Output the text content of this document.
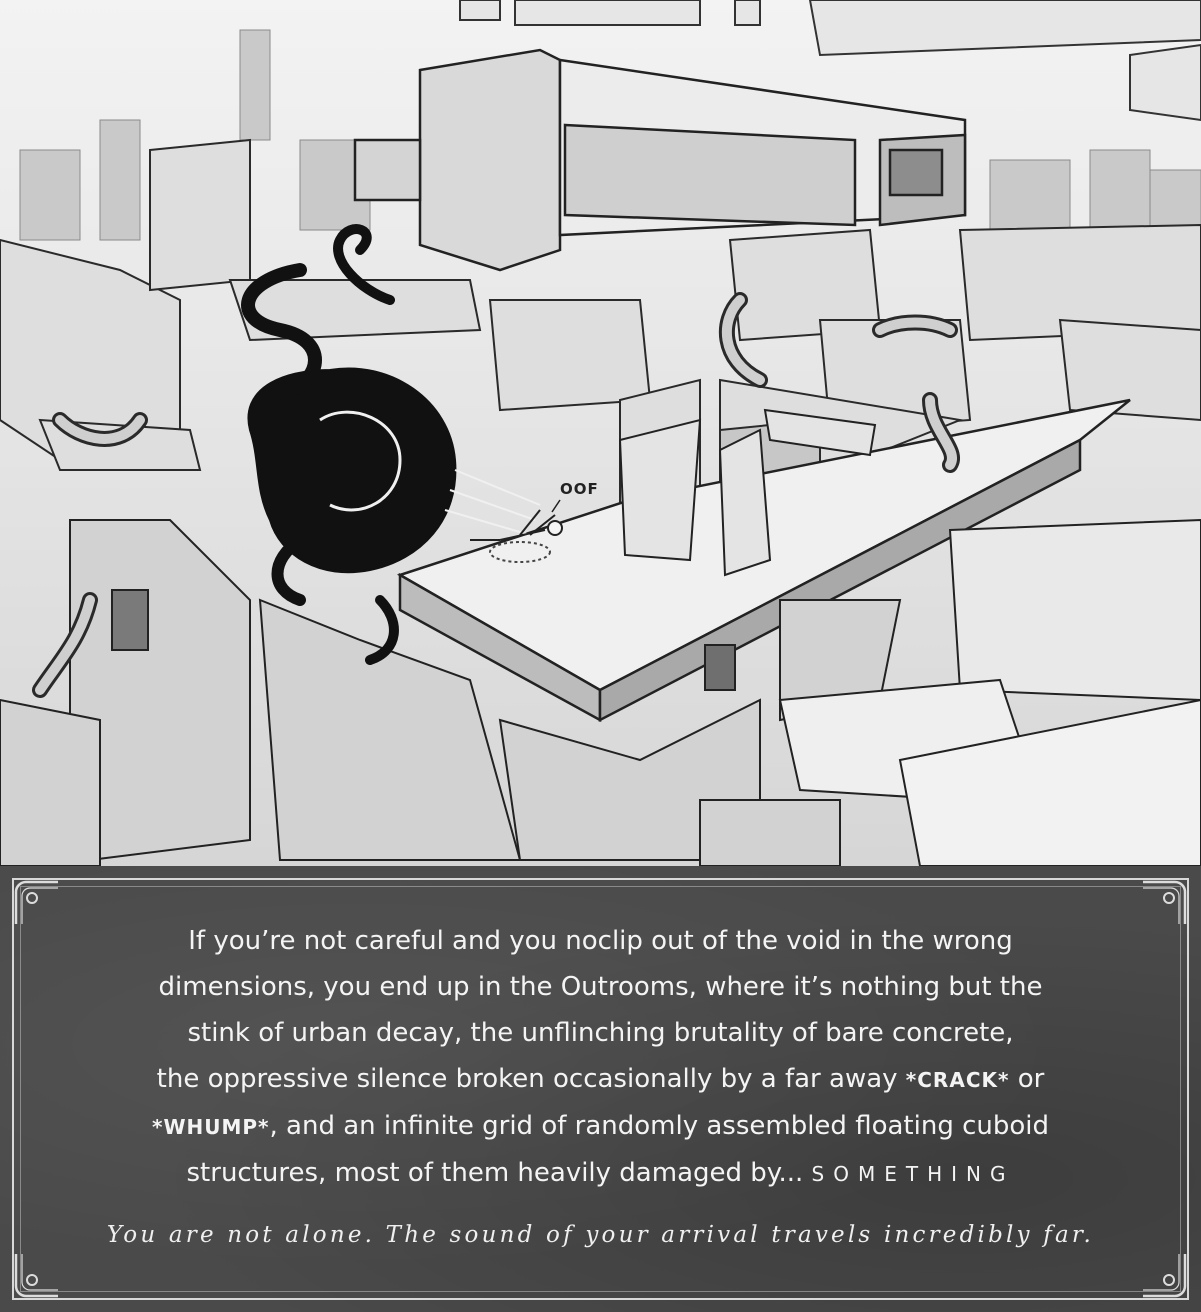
OOF
If you’re not careful and you noclip out of the void in the wrong
dimensions, you end up in the Outrooms, where it’s nothing but the
stink of urban decay, the unflinching brutality of bare concrete,
the oppressive silence broken occasionally by a far away *CRACK* or
*WHUMP*, and an infinite grid of randomly assembled floating cuboid
structures, most of them heavily damaged by... SOMETHING
You are not alone. The sound of your arrival travels incredibly far.
